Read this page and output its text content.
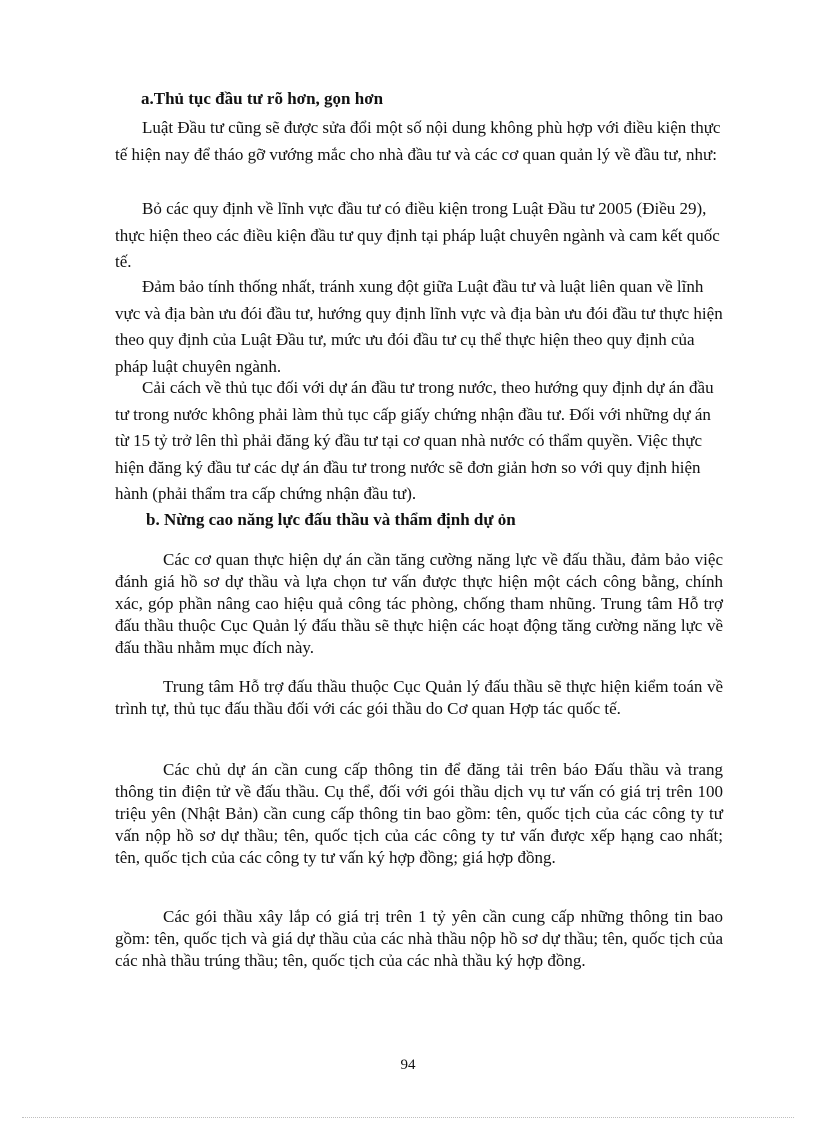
a.Thủ tục đầu tư rõ hơn, gọn hơn

Luật Đầu tư cũng sẽ được sửa đổi một số nội dung không phù hợp với điều kiện thực tế hiện nay để tháo gỡ vướng mắc cho nhà đầu tư và các cơ quan quản lý về đầu tư, như:

Bỏ các quy định về lĩnh vực đầu tư có điều kiện trong Luật Đầu tư 2005 (Điều 29), thực hiện theo các điều kiện đầu tư quy định tại pháp luật chuyên ngành và cam kết quốc tế.

Đảm bảo tính thống nhất, tránh xung đột giữa Luật đầu tư và luật liên quan về lĩnh vực và địa bàn ưu đói đầu tư, hướng quy định lĩnh vực và địa bàn ưu đói đầu tư thực hiện theo quy định của Luật Đầu tư, mức ưu đói đầu tư cụ thể thực hiện theo quy định của pháp luật chuyên ngành.

Cải cách về thủ tục đối với dự án đầu tư trong nước, theo hướng quy định dự án đầu tư trong nước không phải làm thủ tục cấp giấy chứng nhận đầu tư. Đối với những dự án từ 15 tỷ trở lên thì phải đăng ký đầu tư tại cơ quan nhà nước có thẩm quyền. Việc thực hiện đăng ký đầu tư các dự án đầu tư trong nước sẽ đơn giản hơn so với quy định hiện hành (phải thẩm tra cấp chứng nhận đầu tư).

b. Nừng cao năng lực đấu thầu và thẩm định dự ỏn

Các cơ quan thực hiện dự án cần tăng cường năng lực về đấu thầu, đảm bảo việc đánh giá hồ sơ dự thầu và lựa chọn tư vấn được thực hiện một cách công bằng, chính xác, góp phần nâng cao hiệu quả công tác phòng, chống tham nhũng. Trung tâm Hỗ trợ đấu thầu thuộc Cục Quản lý đấu thầu sẽ thực hiện các hoạt động tăng cường năng lực về đấu thầu nhằm mục đích này.

Trung tâm Hỗ trợ đấu thầu thuộc Cục Quản lý đấu thầu sẽ thực hiện kiểm toán về trình tự, thủ tục đấu thầu đối với các gói thầu do Cơ quan Hợp tác quốc tế.

Các chủ dự án cần cung cấp thông tin để đăng tải trên báo Đấu thầu và trang thông tin điện tử về đấu thầu. Cụ thể, đối với gói thầu dịch vụ tư vấn có giá trị trên 100 triệu yên (Nhật Bản) cần cung cấp thông tin bao gồm: tên, quốc tịch của các công ty tư vấn nộp hồ sơ dự thầu; tên, quốc tịch của các công ty tư vấn được xếp hạng cao nhất; tên, quốc tịch của các công ty tư vấn ký hợp đồng; giá hợp đồng.

Các gói thầu xây lắp có giá trị trên 1 tỷ yên cần cung cấp những thông tin bao gồm: tên, quốc tịch và giá dự thầu của các nhà thầu nộp hồ sơ dự thầu; tên, quốc tịch của các nhà thầu trúng thầu; tên, quốc tịch của các nhà thầu ký hợp đồng.

94
